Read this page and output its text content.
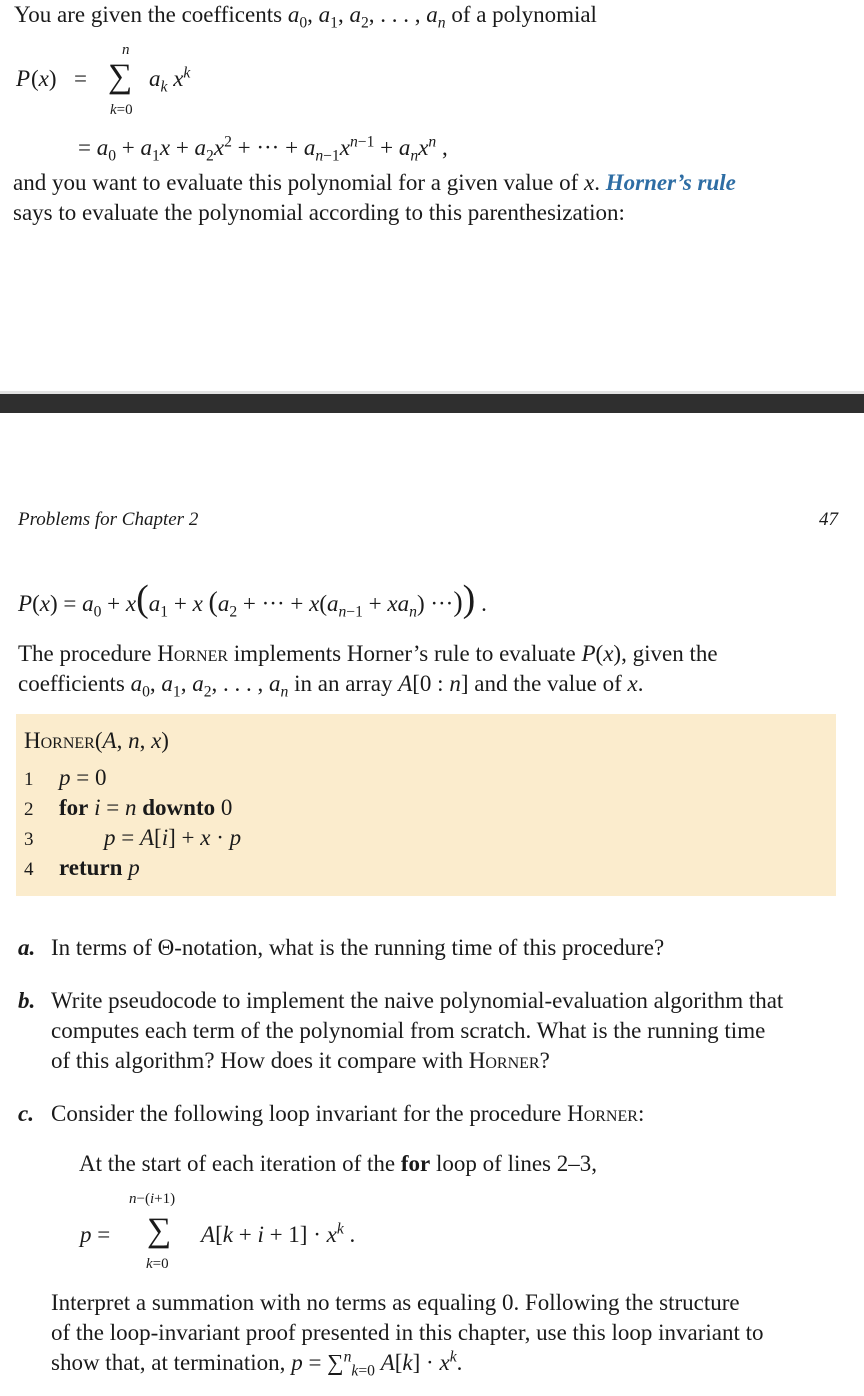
You are given the coefficents $a_0$, $a_1$, $a_2$, . . . , $a_n$ of a polynomial
P (x) =
n
∑ $a_k$ $x^k$
k=0
= $a_0 + a_1x + a_2x^2$ + ··· + $a_{n-1}x^{n-1} + a_nx^n$ ,
and you want to evaluate this polynomial for a given value of x. Horner’s rule
says to evaluate the polynomial according to this parenthesization:
Problems for Chapter 2	47
$P(x) = a_0 + x(a_1 + x$ ($a_2$ + ··· + $x(a_{n-1} + xa_n)$ ···)) .
The procedure Horner implements Horner’s rule to evaluate P(x), given the
coefficients $a_0$, $a_1$, $a_2$, . . . , $a_n$ in an array A[0 : n] and the value of x.
Horner(A, n, x)
1 p = 0
2 for i = n downto 0
3	p = A[i] + x · p
4 return p
a. In terms of Θ-notation, what is the running time of this procedure?
b. Write pseudocode to implement the naive polynomial-evaluation algorithm that
computes each term of the polynomial from scratch. What is the running time
of this algorithm? How does it compare with Horner?
c. Consider the following loop invariant for the procedure Horner:
At the start of each iteration of the for loop of lines 2–3,
n−(i+1)
p = ∑ $A[k + i + 1] \cdot x^k$ .
k=0
Interpret a summation with no terms as equaling 0. Following the structure
of the loop-invariant proof presented in this chapter, use this loop invariant to
show that, at termination, p = ∑$^n_{k=0}$ $A[k] \cdot x^k$.
